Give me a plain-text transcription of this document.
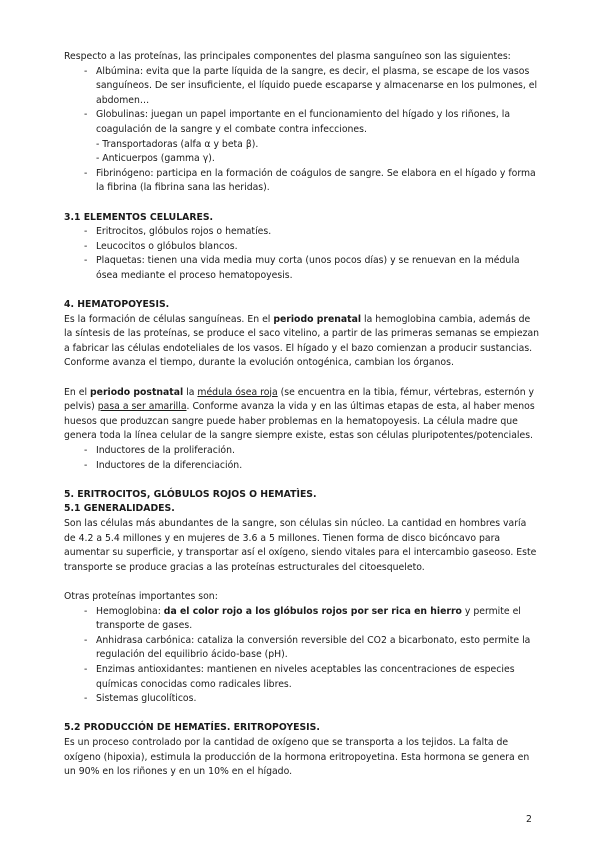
Respecto a las proteínas, las principales componentes del plasma sanguíneo son las siguientes:

- Albúmina: evita que la parte líquida de la sangre, es decir, el plasma, se escape de los vasos sanguíneos. De ser insuficiente, el líquido puede escaparse y almacenarse en los pulmones, el abdomen…
- Globulinas: juegan un papel importante en el funcionamiento del hígado y los riñones, la coagulación de la sangre y el combate contra infecciones.
- Transportadoras (alfa α y beta β).
- Anticuerpos (gamma γ).
- Fibrinógeno: participa en la formación de coágulos de sangre. Se elabora en el hígado y forma la fibrina (la fibrina sana las heridas).

3.1 ELEMENTOS CELULARES.

- Eritrocitos, glóbulos rojos o hematíes.
- Leucocitos o glóbulos blancos.
- Plaquetas: tienen una vida media muy corta (unos pocos días) y se renuevan en la médula ósea mediante el proceso hematopoyesis.

4. HEMATOPOYESIS.

Es la formación de células sanguíneas. En el periodo prenatal la hemoglobina cambia, además de la síntesis de las proteínas, se produce el saco vitelino, a partir de las primeras semanas se empiezan a fabricar las células endoteliales de los vasos. El hígado y el bazo comienzan a producir sustancias.

Conforme avanza el tiempo, durante la evolución ontogénica, cambian los órganos.

En el periodo postnatal la médula ósea roja (se encuentra en la tibia, fémur, vértebras, esternón y pelvis) pasa a ser amarilla. Conforme avanza la vida y en las últimas etapas de esta, al haber menos huesos que produzcan sangre puede haber problemas en la hematopoyesis. La célula madre que genera toda la línea celular de la sangre siempre existe, estas son células pluripotentes/potenciales.

- Inductores de la proliferación.
- Inductores de la diferenciación.

5. ERITROCITOS, GLÓBULOS ROJOS O HEMATÌES.

5.1 GENERALIDADES.

Son las células más abundantes de la sangre, son células sin núcleo. La cantidad en hombres varía de 4.2 a 5.4 millones y en mujeres de 3.6 a 5 millones. Tienen forma de disco bicóncavo para aumentar su superficie, y transportar así el oxígeno, siendo vitales para el intercambio gaseoso. Este transporte se produce gracias a las proteínas estructurales del citoesqueleto.

Otras proteínas importantes son:

- Hemoglobina: da el color rojo a los glóbulos rojos por ser rica en hierro y permite el transporte de gases.
- Anhidrasa carbónica: cataliza la conversión reversible del CO2 a bicarbonato, esto permite la regulación del equilibrio ácido-base (pH).
- Enzimas antioxidantes: mantienen en niveles aceptables las concentraciones de especies químicas conocidas como radicales libres.
- Sistemas glucolíticos.

5.2 PRODUCCIÓN DE HEMATÍES. ERITROPOYESIS.

Es un proceso controlado por la cantidad de oxígeno que se transporta a los tejidos. La falta de oxígeno (hipoxia), estimula la producción de la hormona eritropoyetina. Esta hormona se genera en un 90% en los riñones y en un 10% en el hígado.

2
